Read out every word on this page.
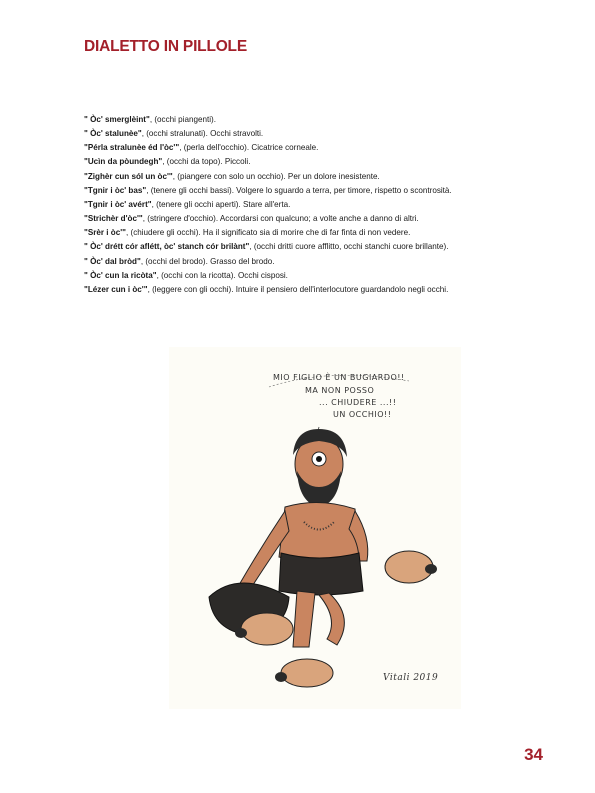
DIALETTO IN PILLOLE
" Òc' smerglèint", (occhi piangenti).
" Òc' stalunèe", (occhi stralunati). Occhi stravolti.
"Pérla stralunèe éd l'òc'", (perla dell'occhio). Cicatrice corneale.
"Ucìn da pòundegh", (occhi da topo). Piccoli.
"Zighèr cun sól un òc'", (piangere con solo un occhio). Per un dolore inesistente.
"Tgnir i òc' bas", (tenere gli occhi bassi). Volgere lo sguardo a terra, per timore, rispetto o scontrosità.
"Tgnir i òc' avért", (tenere gli occhi aperti). Stare all'erta.
"Strichèr d'òc'", (stringere d'occhio). Accordarsi con qualcuno; a volte anche a danno di altri.
"Srèr i òc'", (chiudere gli occhi). Ha il significato sia di morire che di far finta di non vedere.
" Òc' drétt cór aflétt, òc' stanch cór brilànt", (occhi dritti cuore afflitto, occhi stanchi cuore brillante).
" Òc' dal bròd", (occhi del brodo). Grasso del brodo.
" Òc' cun la ricòta", (occhi con la ricotta). Occhi cisposi.
"Lézer cun i òc'", (leggere con gli occhi). Intuire il pensiero dell'interlocutore guardandolo negli occhi.
MIO FIGLIO È UN BUGIARDO!!
MA NON POSSO
... CHIUDERE ...!!
UN OCCHIO!!
Vitali 2019
34
